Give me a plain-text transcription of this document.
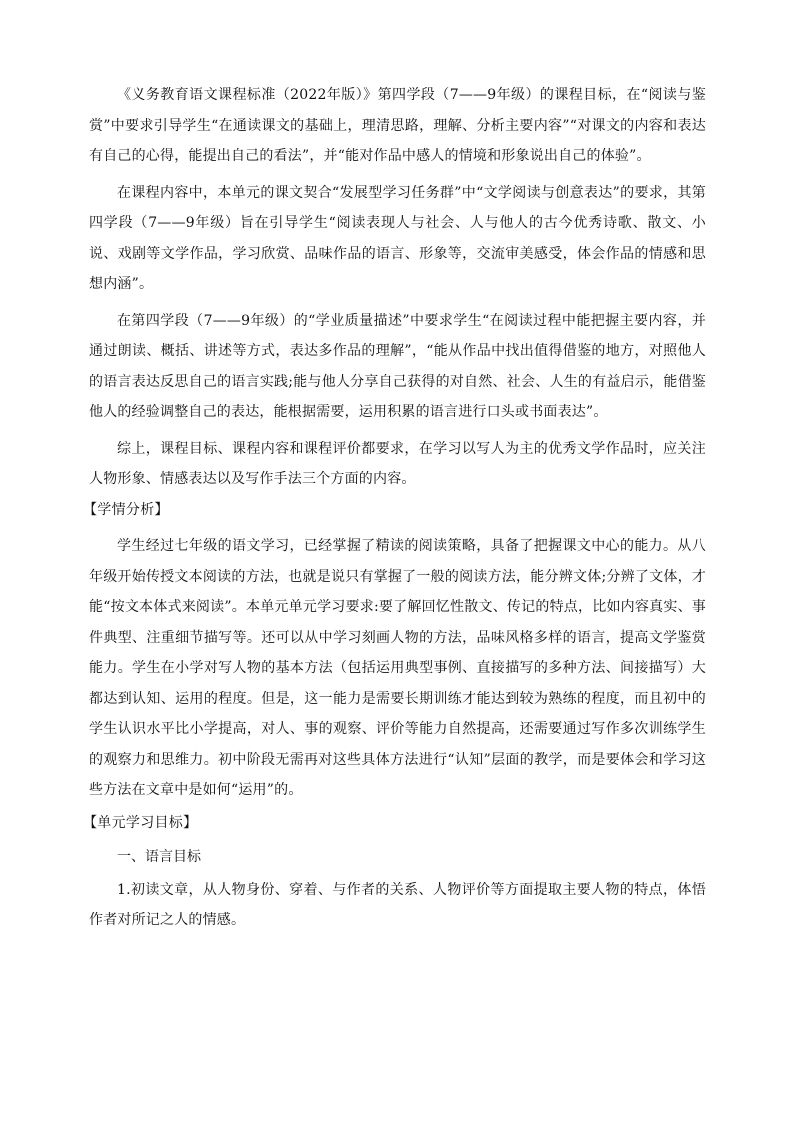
《义务教育语文课程标准（2022年版）》第四学段（7——9年级）的课程目标，在“阅读与鉴赏”中要求引导学生“在通读课文的基础上，理清思路，理解、分析主要内容”“对课文的内容和表达有自己的心得，能提出自己的看法”，并“能对作品中感人的情境和形象说出自己的体验”。

在课程内容中，本单元的课文契合“发展型学习任务群”中“文学阅读与创意表达”的要求，其第四学段（7——9年级）旨在引导学生“阅读表现人与社会、人与他人的古今优秀诗歌、散文、小说、戏剧等文学作品，学习欣赏、品味作品的语言、形象等，交流审美感受，体会作品的情感和思想内涵”。

在第四学段（7——9年级）的“学业质量描述”中要求学生“在阅读过程中能把握主要内容，并通过朗读、概括、讲述等方式，表达多作品的理解”，“能从作品中找出值得借鉴的地方，对照他人的语言表达反思自己的语言实践;能与他人分享自己获得的对自然、社会、人生的有益启示，能借鉴他人的经验调整自己的表达，能根据需要，运用积累的语言进行口头或书面表达”。

综上，课程目标、课程内容和课程评价都要求，在学习以写人为主的优秀文学作品时，应关注人物形象、情感表达以及写作手法三个方面的内容。

【学情分析】

学生经过七年级的语文学习，已经掌握了精读的阅读策略，具备了把握课文中心的能力。从八年级开始传授文本阅读的方法，也就是说只有掌握了一般的阅读方法，能分辨文体;分辨了文体，才能“按文本体式来阅读”。本单元单元学习要求:要了解回忆性散文、传记的特点，比如内容真实、事件典型、注重细节描写等。还可以从中学习刻画人物的方法，品味风格多样的语言，提高文学鉴赏能力。学生在小学对写人物的基本方法（包括运用典型事例、直接描写的多种方法、间接描写）大都达到认知、运用的程度。但是，这一能力是需要长期训练才能达到较为熟练的程度，而且初中的学生认识水平比小学提高，对人、事的观察、评价等能力自然提高，还需要通过写作多次训练学生的观察力和思维力。初中阶段无需再对这些具体方法进行“认知”层面的教学，而是要体会和学习这些方法在文章中是如何“运用”的。

【单元学习目标】
一、语言目标

1.初读文章，从人物身份、穿着、与作者的关系、人物评价等方面提取主要人物的特点，体悟作者对所记之人的情感。
